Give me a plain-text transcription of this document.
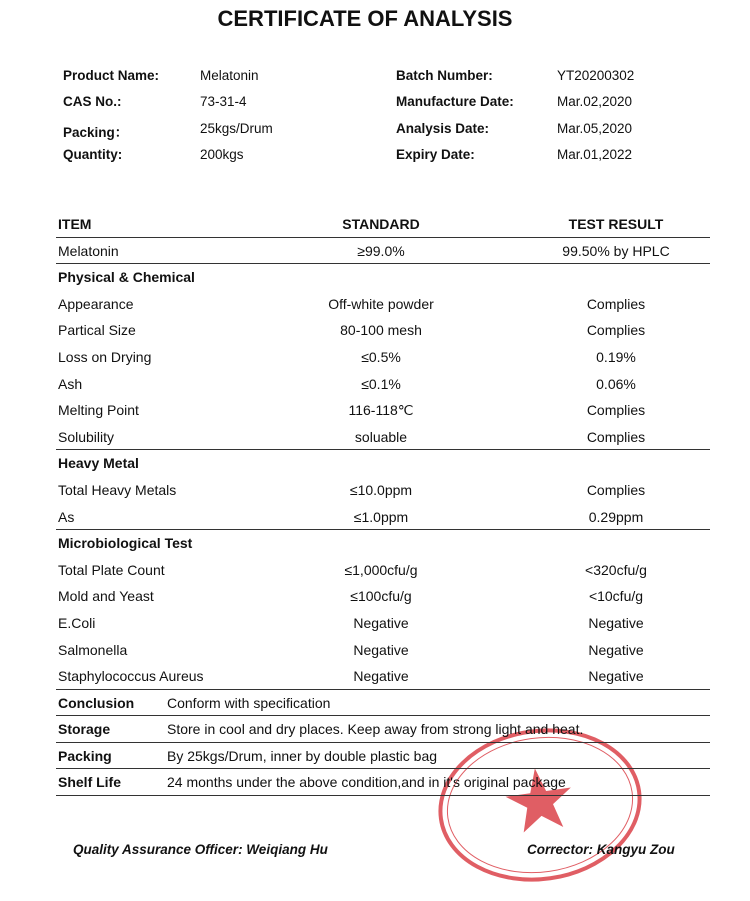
CERTIFICATE OF ANALYSIS
Product Name:	Melatonin
CAS No.:	73-31-4
Packing：	25kgs/Drum
Quantity:	200kgs
Batch Number:	YT20200302
Manufacture Date:	Mar.02,2020
Analysis Date:	Mar.05,2020
Expiry Date:	Mar.01,2022
ITEM	STANDARD	TEST RESULT
Melatonin	≥99.0%	99.50% by HPLC
Physical & Chemical
Appearance	Off-white powder	Complies
Partical Size	80-100 mesh	Complies
Loss on Drying	≤0.5%	0.19%
Ash	≤0.1%	0.06%
Melting Point	116-118℃	Complies
Solubility	soluable	Complies
Heavy Metal
Total Heavy Metals	≤10.0ppm	Complies
As	≤1.0ppm	0.29ppm
Microbiological Test
Total Plate Count	≤1,000cfu/g	<320cfu/g
Mold and Yeast	≤100cfu/g	<10cfu/g
E.Coli	Negative	Negative
Salmonella	Negative	Negative
Staphylococcus Aureus	Negative	Negative
Conclusion Conform with specification
Storage	Store in cool and dry places. Keep away from strong light and heat.
Packing	By 25kgs/Drum, inner by double plastic bag
Shelf Life	24 months under the above condition,and in it's original package
Quality Assurance Officer: Weiqiang Hu	Corrector: Kangyu Zou
